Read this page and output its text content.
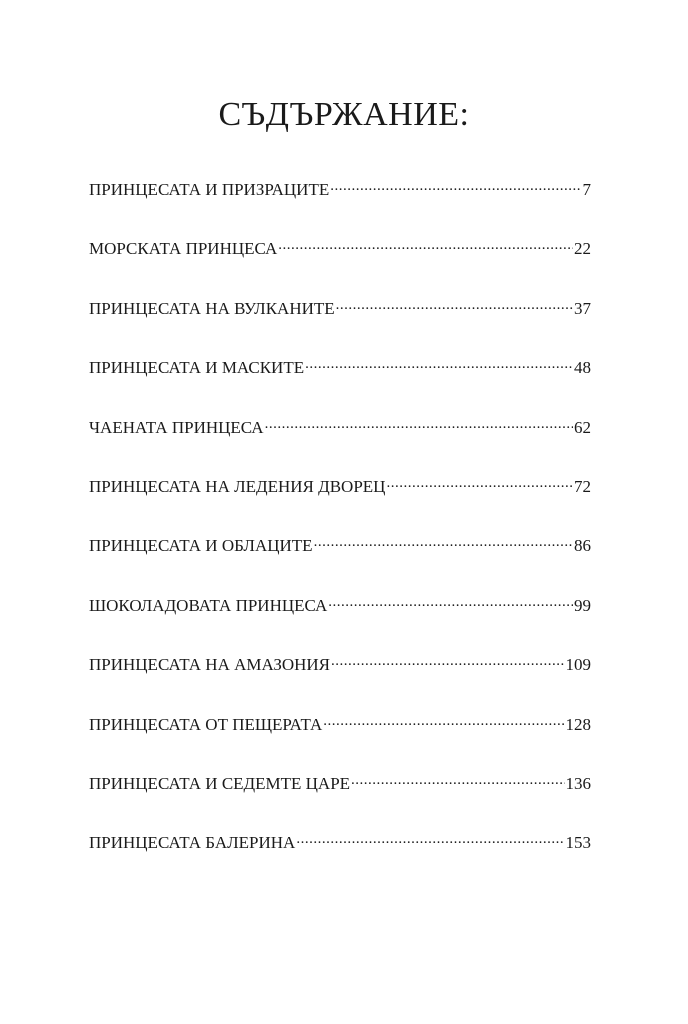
СЪДЪРЖАНИЕ:
ПРИНЦЕСАТА И ПРИЗРАЦИТЕ .....	7
МОРСКАТА ПРИНЦЕСА .....	22
ПРИНЦЕСАТА НА ВУЛКАНИТЕ .....	37
ПРИНЦЕСАТА И МАСКИТЕ .....	48
ЧАЕНАТА ПРИНЦЕСА .....	62
ПРИНЦЕСАТА НА ЛЕДЕНИЯ ДВОРЕЦ .....	72
ПРИНЦЕСАТА И ОБЛАЦИТЕ .....	86
ШОКОЛАДОВАТА ПРИНЦЕСА .....	99
ПРИНЦЕСАТА НА АМАЗОНИЯ .....	109
ПРИНЦЕСАТА ОТ ПЕЩЕРАТА .....	128
ПРИНЦЕСАТА И СЕДЕМТЕ ЦАРЕ .....	136
ПРИНЦЕСАТА БАЛЕРИНА .....	153
